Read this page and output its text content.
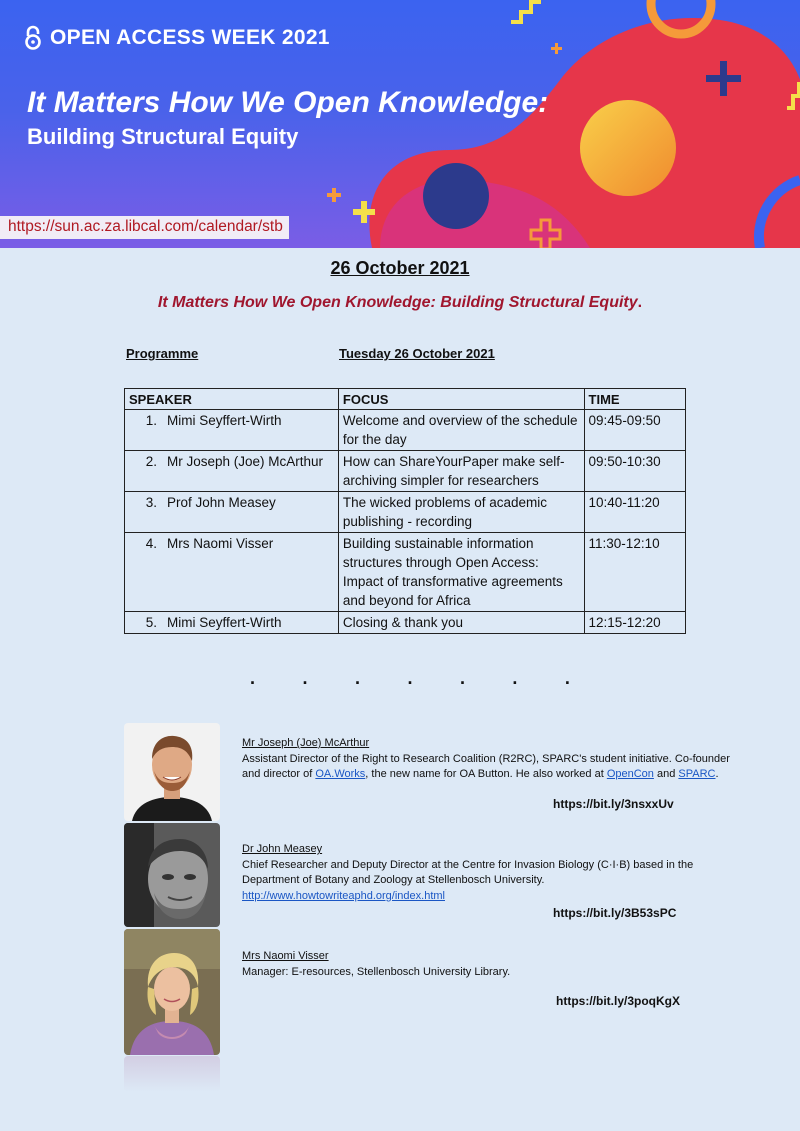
OPEN ACCESS WEEK 2021
It Matters How We Open Knowledge:
Building Structural Equity
https://sun.ac.za.libcal.com/calendar/stb
26 October 2021
It Matters How We Open Knowledge: Building Structural Equity.
Programme	Tuesday 26 October 2021
SPEAKER	FOCUS	TIME

1. Mimi Seyffert-Wirth	Welcome and overview of the schedule for the day	09:45-09:50

2. Mr Joseph (Joe) McArthur	How can ShareYourPaper make self-archiving simpler for researchers	09:50-10:30

3. Prof John Measey	The wicked problems of academic publishing - recording	10:40-11:20

4. Mrs Naomi Visser	Building sustainable information structures through Open Access: Impact of transformative agreements and beyond for Africa	11:30-12:10

5. Mimi Seyffert-Wirth	Closing & thank you	12:15-12:20
.	.	.	.	.	.	.
Mr Joseph (Joe) McArthur
Assistant Director of the Right to Research Coalition (R2RC), SPARC's student initiative. Co-founder and director of OA.Works, the new name for OA Button. He also worked at OpenCon and SPARC.
https://bit.ly/3nsxxUv
Dr John Measey
Chief Researcher and Deputy Director at the Centre for Invasion Biology (C·I·B) based in the Department of Botany and Zoology at Stellenbosch University.
http://www.howtowriteaphd.org/index.html
https://bit.ly/3B53sPC
Mrs Naomi Visser
Manager: E-resources, Stellenbosch University Library.
https://bit.ly/3poqKgX
